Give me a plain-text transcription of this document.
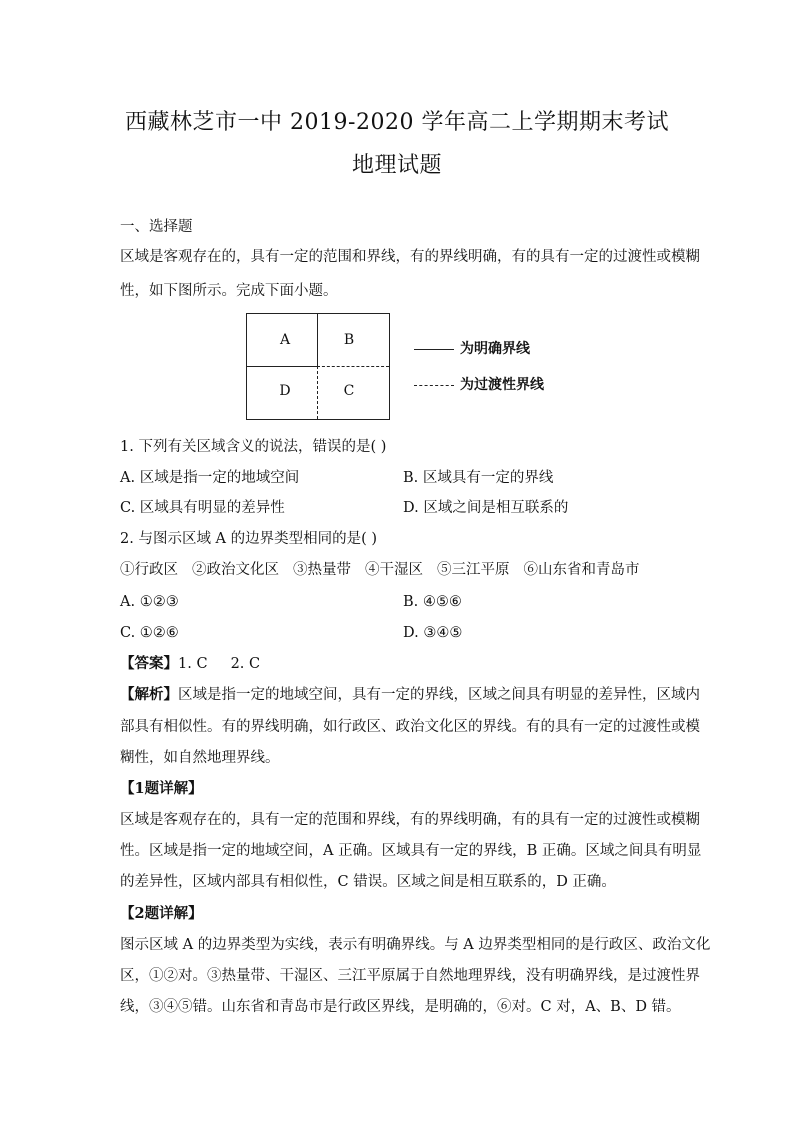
西藏林芝市一中 2019-2020 学年高二上学期期末考试
地理试题
一、选择题
区域是客观存在的，具有一定的范围和界线，有的界线明确，有的具有一定的过渡性或模糊
性，如下图所示。完成下面小题。
A	B
D	C
为明确界线
为过渡性界线
1. 下列有关区域含义的说法，错误的是( )
A. 区域是指一定的地域空间	B. 区域具有一定的界线
C. 区域具有明显的差异性	D. 区域之间是相互联系的
2. 与图示区域 A 的边界类型相同的是( )
①行政区 ②政治文化区 ③热量带 ④干湿区 ⑤三江平原 ⑥山东省和青岛市
A. ①②③	B. ④⑤⑥
C. ①②⑥	D. ③④⑤
【答案】1. C     2. C
【解析】区域是指一定的地域空间，具有一定的界线，区域之间具有明显的差异性，区域内
部具有相似性。有的界线明确，如行政区、政治文化区的界线。有的具有一定的过渡性或模
糊性，如自然地理界线。
【1题详解】
区域是客观存在的，具有一定的范围和界线，有的界线明确，有的具有一定的过渡性或模糊
性。区域是指一定的地域空间，A 正确。区域具有一定的界线，B 正确。区域之间具有明显
的差异性，区域内部具有相似性，C 错误。区域之间是相互联系的，D 正确。
【2题详解】
图示区域 A 的边界类型为实线，表示有明确界线。与 A 边界类型相同的是行政区、政治文化
区，①②对。③热量带、干湿区、三江平原属于自然地理界线，没有明确界线，是过渡性界
线，③④⑤错。山东省和青岛市是行政区界线，是明确的，⑥对。C 对，A、B、D 错。
